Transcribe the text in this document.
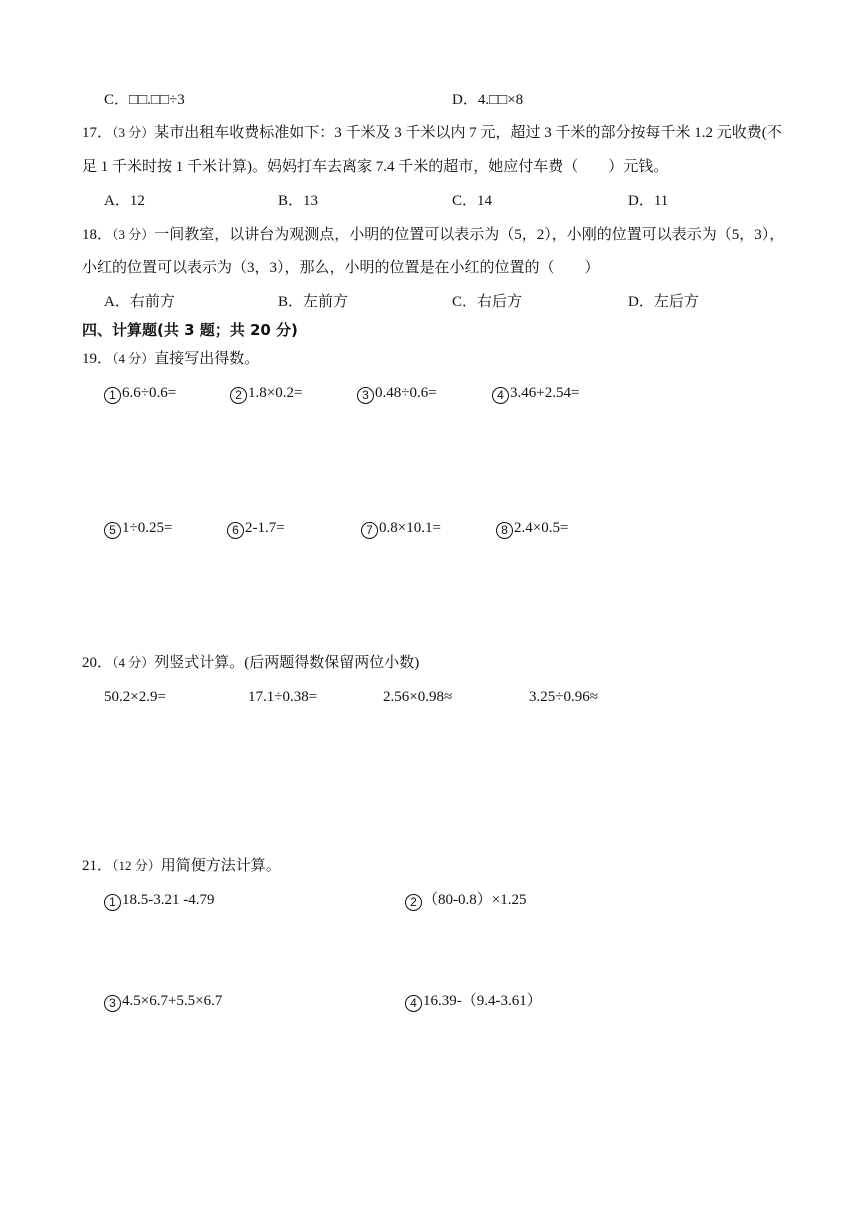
C．□□.□□÷3	D．4.□□×8
17．（3 分）某市出租车收费标准如下：3 千米及 3 千米以内 7 元，超过 3 千米的部分按每千米 1.2 元收费(不
足 1 千米时按 1 千米计算)。妈妈打车去离家 7.4 千米的超市，她应付车费（　　）元钱。
A．12	B．13	C．14	D．11
18．（3 分）一间教室，以讲台为观测点，小明的位置可以表示为（5，2），小刚的位置可以表示为（5，3），
小红的位置可以表示为（3，3），那么，小明的位置是在小红的位置的（　　）
A．右前方	B．左前方	C．右后方	D．左后方
四、计算题(共 3 题；共 20 分)
19．（4 分）直接写出得数。
1 6.6÷0.6=	2 1.8×0.2=	3 0.48÷0.6=	4 3.46+2.54=
5 1÷0.25=	6 2-1.7=	7 0.8×10.1=	8 2.4×0.5=
20．（4 分）列竖式计算。(后两题得数保留两位小数)
50.2×2.9=	17.1÷0.38=	2.56×0.98≈	3.25÷0.96≈
21．（12 分）用简便方法计算。
1 18.5-3.21 -4.79	2 （80-0.8）×1.25
3 4.5×6.7+5.5×6.7	4 16.39-（9.4-3.61）
